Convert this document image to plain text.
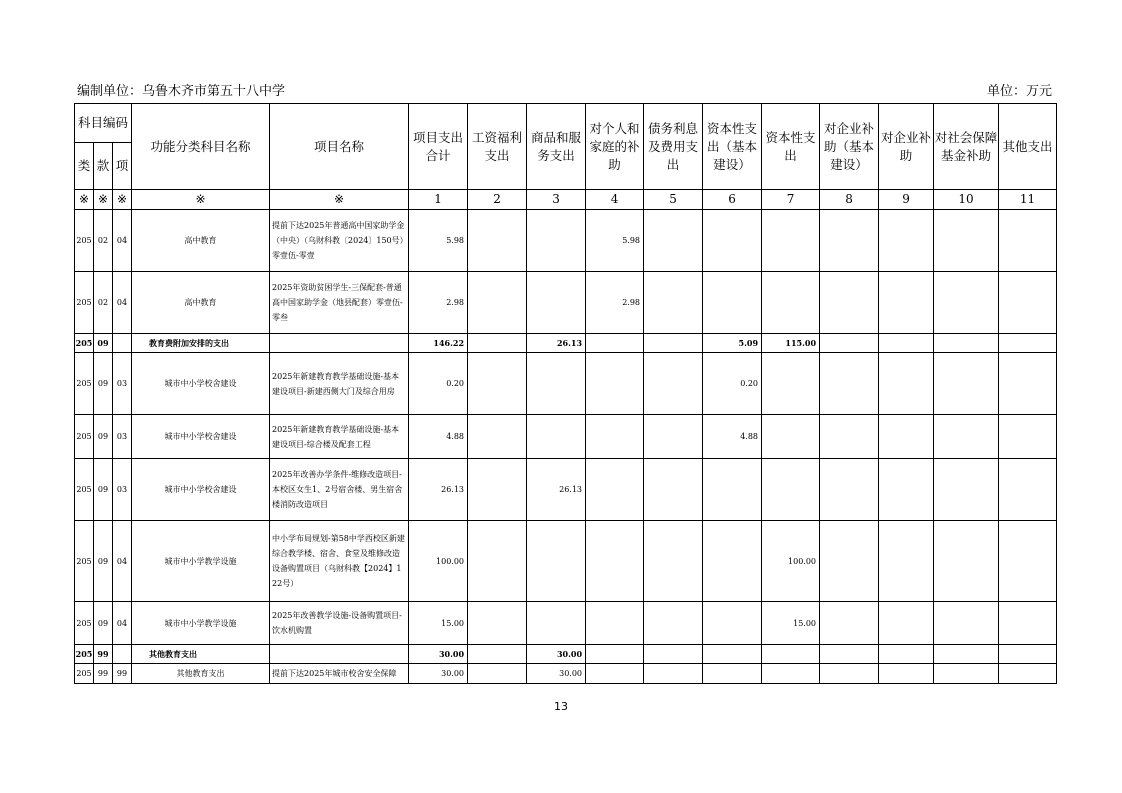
编制单位：乌鲁木齐市第五十八中学	单位：万元
科目编码			功能分类科目名称	项目名称	项目支出合计	工资福利支出	商品和服务支出	对个人和家庭的补助	债务利息及费用支出	资本性支出（基本建设）	资本性支出	对企业补助（基本建设）	对企业补助	对社会保障基金补助	其他支出
类	款	项													
※	※	※	※	※	1	2	3	4	5	6	7	8	9	10	11
205	02	04	高中教育	提前下达2025年普通高中国家助学金（中央）（乌财科教〔2024〕150号）零壹伍-零壹	5.98			5.98							
205	02	04	高中教育	2025年资助贫困学生-三保配套-普通高中国家助学金（地县配套）零壹伍-零叁	2.98			2.98							
205	09		教育费附加安排的支出		146.22		26.13			5.09	115.00				
205	09	03	城市中小学校舍建设	2025年新建教育教学基础设施-基本建设项目-新建西侧大门及综合用房	0.20					0.20					
205	09	03	城市中小学校舍建设	2025年新建教育教学基础设施-基本建设项目-综合楼及配套工程	4.88					4.88					
205	09	03	城市中小学校舍建设	2025年改善办学条件-维修改造项目-本校区女生1、2号宿舍楼、男生宿舍楼消防改造项目	26.13		26.13								
205	09	04	城市中小学教学设施	中小学布局规划-第58中学西校区新建综合教学楼、宿舍、食堂及维修改造设备购置项目（乌财科教【2024】122号）	100.00						100.00				
205	09	04	城市中小学教学设施	2025年改善教学设施-设备购置项目-饮水机购置	15.00						15.00				
205	99		其他教育支出		30.00		30.00								
205	99	99	其他教育支出	提前下达2025年城市校舍安全保障	30.00		30.00								
13
